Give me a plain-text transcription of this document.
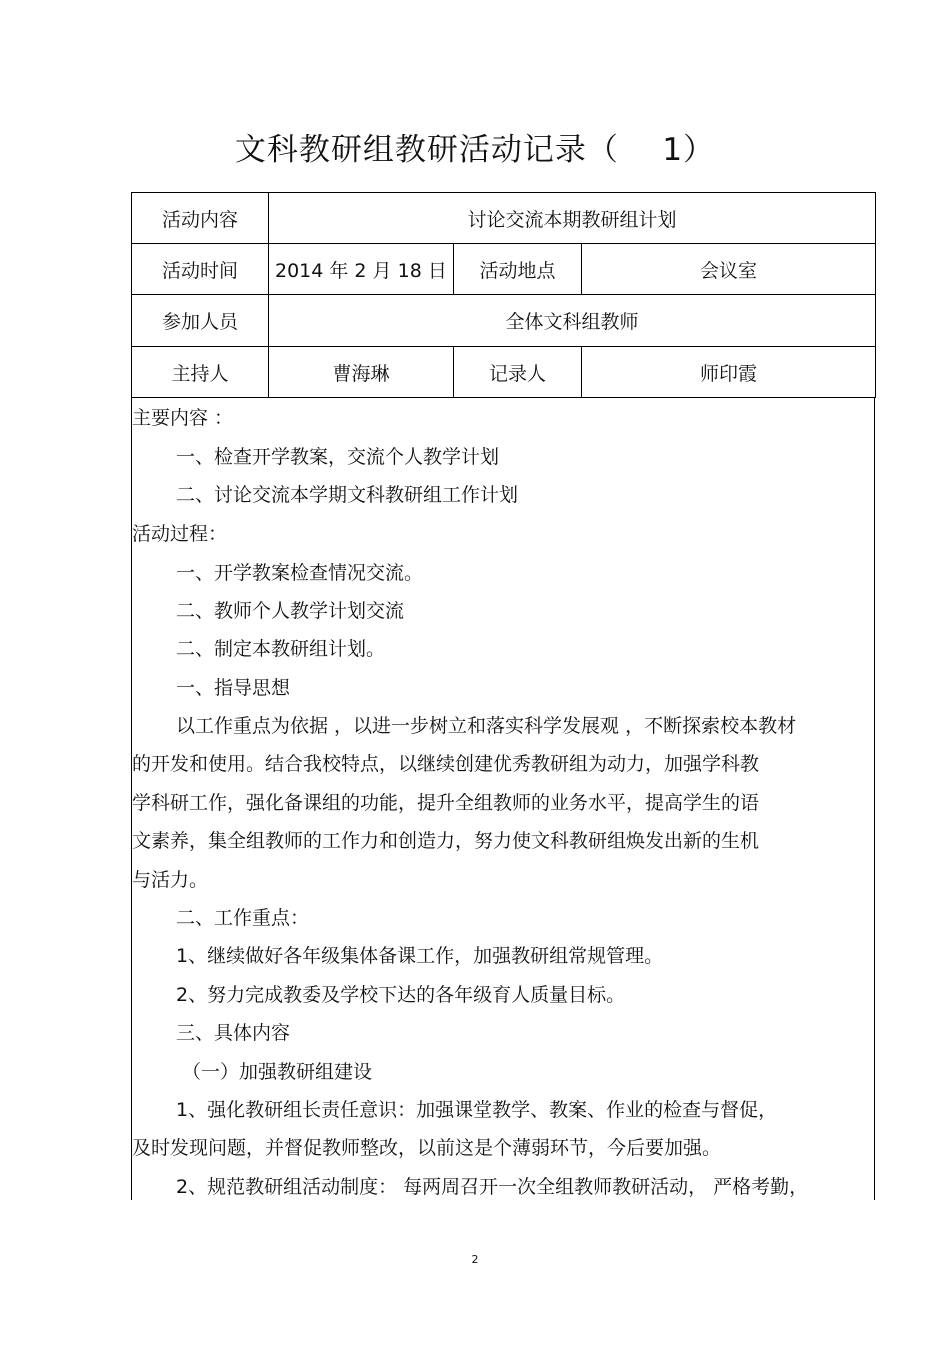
文科教研组教研活动记录（    1）
活动内容	讨论交流本期教研组计划		
活动时间	2014 年 2 月 18 日	活动地点	会议室
参加人员	全体文科组教师		
主持人	曹海琳	记录人	师印霞
主要内容 ：
一、检查开学教案，交流个人教学计划
二、讨论交流本学期文科教研组工作计划
活动过程：
一、开学教案检查情况交流。
二、教师个人教学计划交流
二、制定本教研组计划。
一、指导思想
以工作重点为依据 ，以进一步树立和落实科学发展观 ，不断探索校本教材
的开发和使用。结合我校特点，以继续创建优秀教研组为动力，加强学科教
学科研工作，强化备课组的功能，提升全组教师的业务水平，提高学生的语
文素养，集全组教师的工作力和创造力，努力使文科教研组焕发出新的生机
与活力。
二、工作重点：
1、继续做好各年级集体备课工作，加强教研组常规管理。
2、努力完成教委及学校下达的各年级育人质量目标。
三、具体内容
（一）加强教研组建设
1、强化教研组长责任意识：加强课堂教学、教案、作业的检查与督促，
及时发现问题，并督促教师整改，以前这是个薄弱环节，今后要加强。
2、规范教研组活动制度： 每两周召开一次全组教师教研活动， 严格考勤，
2
